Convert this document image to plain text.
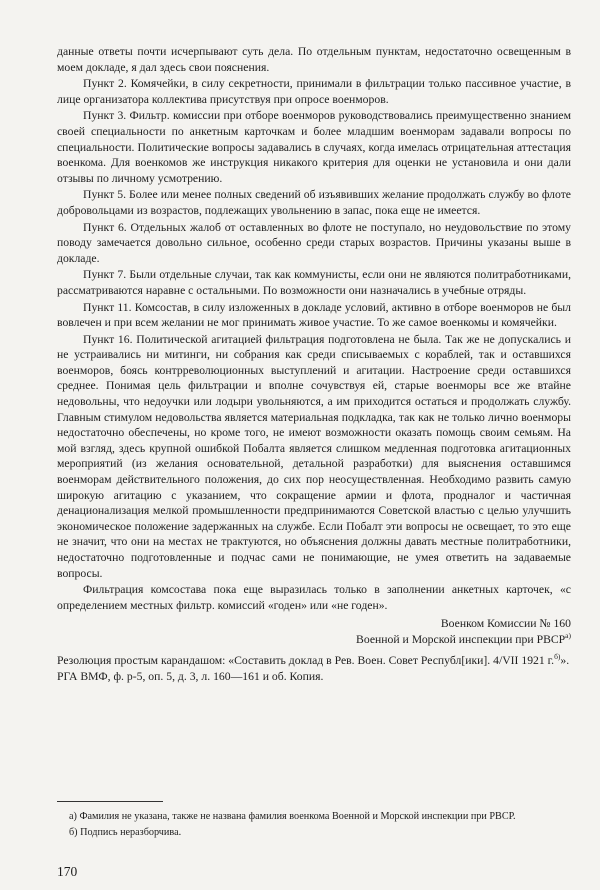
данные ответы почти исчерпывают суть дела. По отдельным пунктам, недостаточно освещенным в моем докладе, я дал здесь свои пояснения.

Пункт 2. Комячейки, в силу секретности, принимали в фильтрации только пассивное участие, в лице организатора коллектива присутствуя при опросе военморов.

Пункт 3. Фильтр. комиссии при отборе военморов руководствовались преимущественно знанием своей специальности по анкетным карточкам и более младшим военморам задавали вопросы по специальности. Политические вопросы задавались в случаях, когда имелась отрицательная аттестация военкома. Для военкомов же инструкция никакого критерия для оценки не установила и они дали отзывы по личному усмотрению.

Пункт 5. Более или менее полных сведений об изъявивших желание продолжать службу во флоте добровольцами из возрастов, подлежащих увольнению в запас, пока еще не имеется.

Пункт 6. Отдельных жалоб от оставленных во флоте не поступало, но неудовольствие по этому поводу замечается довольно сильное, особенно среди старых возрастов. Причины указаны выше в докладе.

Пункт 7. Были отдельные случаи, так как коммунисты, если они не являются политработниками, рассматриваются наравне с остальными. По возможности они назначались в учебные отряды.

Пункт 11. Комсостав, в силу изложенных в докладе условий, активно в отборе военморов не был вовлечен и при всем желании не мог принимать живое участие. То же самое военкомы и комячейки.

Пункт 16. Политической агитацией фильтрация подготовлена не была. Так же не допускались и не устраивались ни митинги, ни собрания как среди списываемых с кораблей, так и оставшихся военморов, боясь контрреволюционных выступлений и агитации. Настроение среди оставшихся среднее. Понимая цель фильтрации и вполне сочувствуя ей, старые военморы все же втайне недовольны, что недоучки или лодыри увольняются, а им приходится остаться и продолжать службу. Главным стимулом недовольства является материальная подкладка, так как не только лично военморы недостаточно обеспечены, но кроме того, не имеют возможности оказать помощь своим семьям. На мой взгляд, здесь крупной ошибкой Побалта является слишком медленная подготовка агитационных мероприятий (из желания основательной, детальной разработки) для выяснения оставшимся военморам действительного положения, до сих пор неосуществленная. Необходимо развить самую широкую агитацию с указанием, что сокращение армии и флота, продналог и частичная денационализация мелкой промышленности предпринимаются Советской властью с целью улучшить экономическое положение задержанных на службе. Если Побалт эти вопросы не освещает, то это еще не значит, что они на местах не трактуются, но объяснения должны давать местные политработники, недостаточно подготовленные и подчас сами не понимающие, не умея ответить на задаваемые вопросы.

Фильтрация комсостава пока еще выразилась только в заполнении анкетных карточек, «с определением местных фильтр. комиссий «годен» или «не годен».

Военком Комиссии № 160
Военной и Морской инспекции при $РВСР^{а)}$

Резолюция простым карандашом: «Составить доклад в Рев. Воен. Совет Республ[ики]. 4/VII 1921 г.$^{б)}$».

РГА ВМФ, ф. р-5, оп. 5, д. 3, л. 160—161 и об. Копия.

а) Фамилия не указана, также не названа фамилия военкома Военной и Морской инспекции при РВСР.

б) Подпись неразборчива.

170
